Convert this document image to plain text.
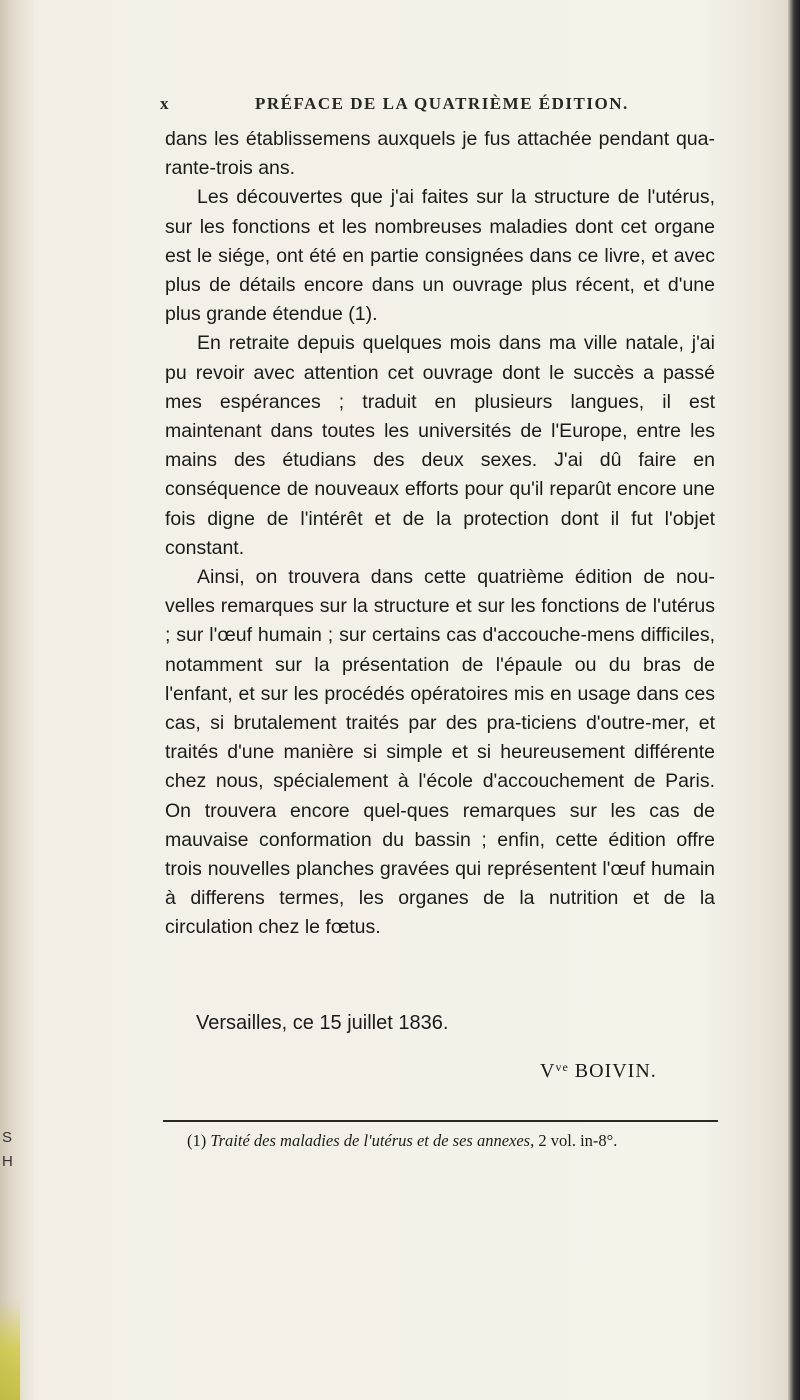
S
H
x	PRÉFACE DE LA QUATRIÈME ÉDITION.

dans les établissemens auxquels je fus attachée pendant qua-rante-trois ans.

Les découvertes que j'ai faites sur la structure de l'utérus, sur les fonctions et les nombreuses maladies dont cet organe est le siége, ont été en partie consignées dans ce livre, et avec plus de détails encore dans un ouvrage plus récent, et d'une plus grande étendue (1).

En retraite depuis quelques mois dans ma ville natale, j'ai pu revoir avec attention cet ouvrage dont le succès a passé mes espérances ; traduit en plusieurs langues, il est maintenant dans toutes les universités de l'Europe, entre les mains des étudians des deux sexes. J'ai dû faire en conséquence de nouveaux efforts pour qu'il reparût encore une fois digne de l'intérêt et de la protection dont il fut l'objet constant.

Ainsi, on trouvera dans cette quatrième édition de nou-velles remarques sur la structure et sur les fonctions de l'utérus ; sur l'œuf humain ; sur certains cas d'accouche-mens difficiles, notamment sur la présentation de l'épaule ou du bras de l'enfant, et sur les procédés opératoires mis en usage dans ces cas, si brutalement traités par des pra-ticiens d'outre-mer, et traités d'une manière si simple et si heureusement différente chez nous, spécialement à l'école d'accouchement de Paris. On trouvera encore quel-ques remarques sur les cas de mauvaise conformation du bassin ; enfin, cette édition offre trois nouvelles planches gravées qui représentent l'œuf humain à differens termes, les organes de la nutrition et de la circulation chez le fœtus.

Versailles, ce 15 juillet 1836.
$V^{ve}$ BOIVIN.
(1) Traité des maladies de l'utérus et de ses annexes, 2 vol. in-8°.
